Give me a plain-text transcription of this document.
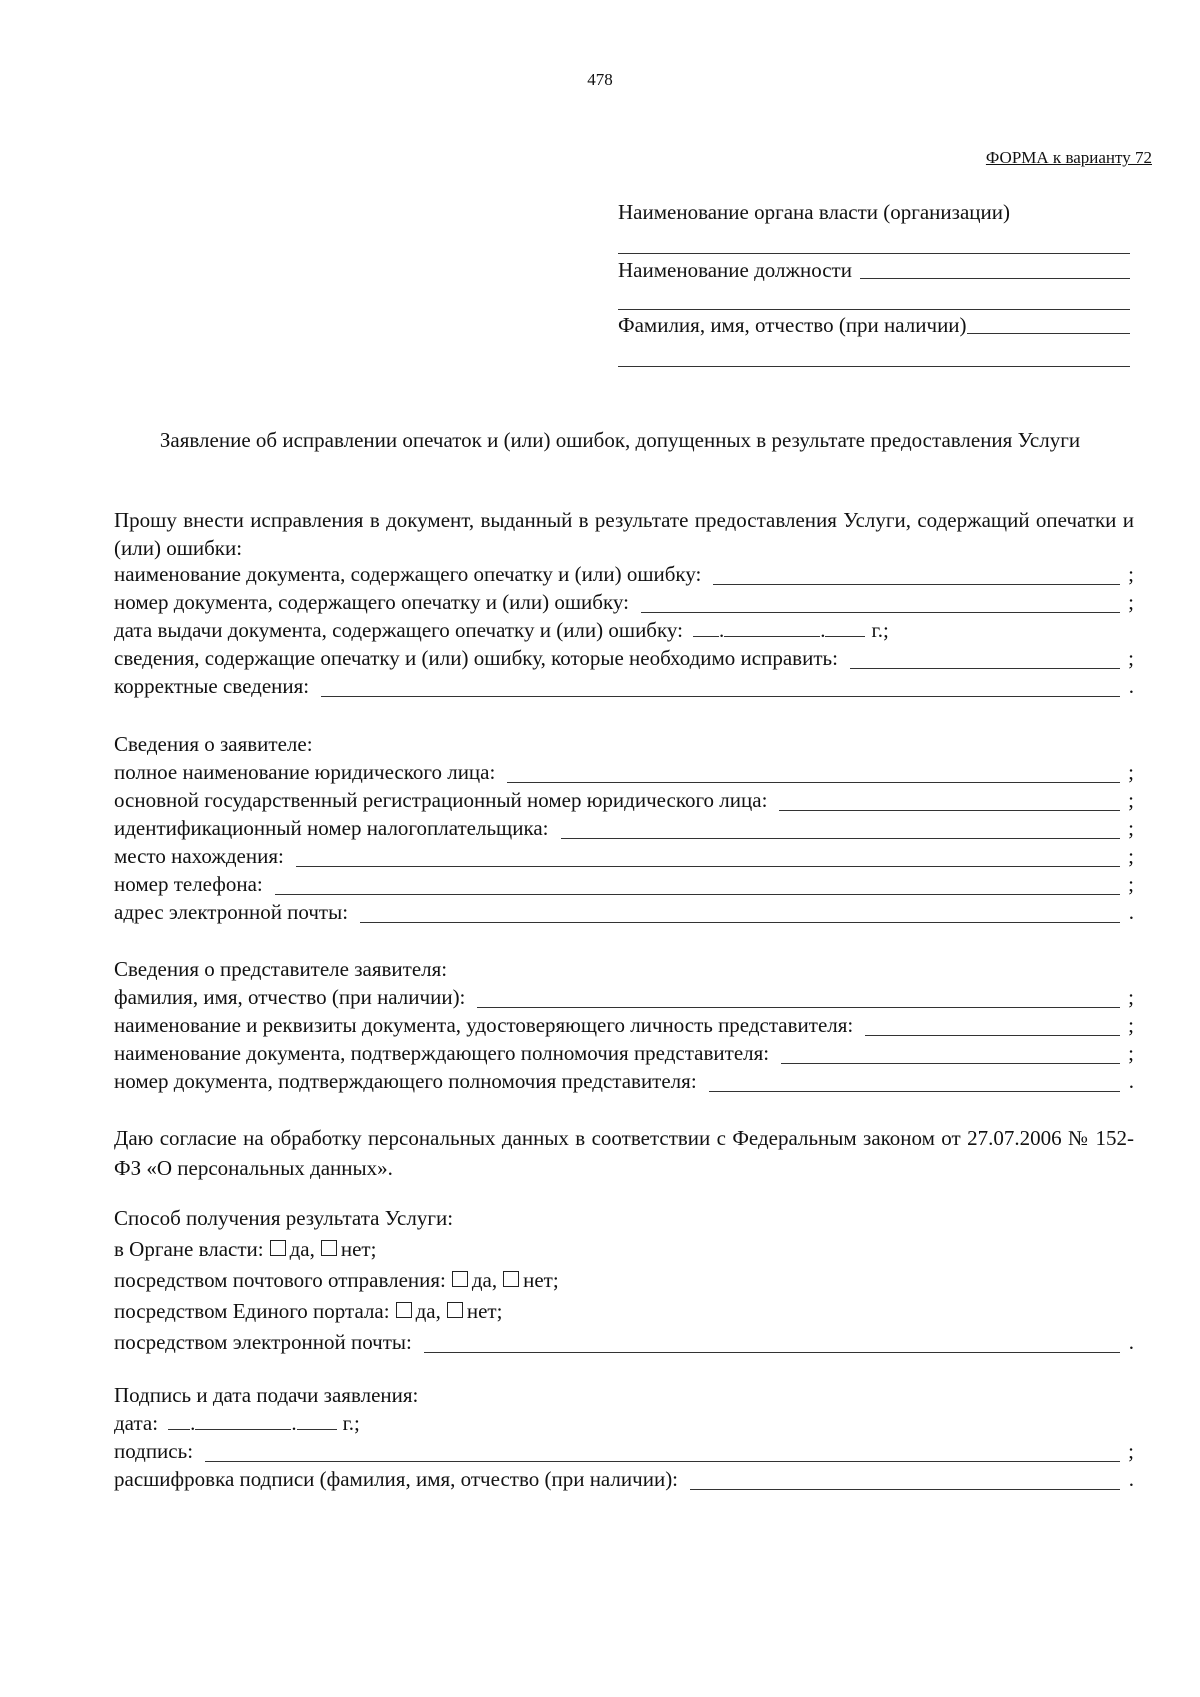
478
ФОРМА к варианту 72
Наименование органа власти (организации)
Наименование должности
Фамилия, имя, отчество (при наличии)
Заявление об исправлении опечаток и (или) ошибок, допущенных в результате предоставления Услуги
Прошу внести исправления в документ, выданный в результате предоставления Услуги, содержащий опечатки и (или) ошибки:
наименование документа, содержащего опечатку и (или) ошибку:	;
номер документа, содержащего опечатку и (или) ошибку:	;
дата выдачи документа, содержащего опечатку и (или) ошибку:	.	.	г.;
сведения, содержащие опечатку и (или) ошибку, которые необходимо исправить:	;
корректные сведения:	.
Сведения о заявителе:
полное наименование юридического лица:	;
основной государственный регистрационный номер юридического лица:	;
идентификационный номер налогоплательщика:	;
место нахождения:	;
номер телефона:	;
адрес электронной почты:	.
Сведения о представителе заявителя:
фамилия, имя, отчество (при наличии):	;
наименование и реквизиты документа, удостоверяющего личность представителя:	;
наименование документа, подтверждающего полномочия представителя:	;
номер документа, подтверждающего полномочия представителя:	.
Даю согласие на обработку персональных данных в соответствии с Федеральным законом от 27.07.2006 № 152-ФЗ «О персональных данных».
Способ получения результата Услуги:
в Органе власти: да, нет;
посредством почтового отправления: да, нет;
посредством Единого портала: да, нет;
посредством электронной почты:	.
Подпись и дата подачи заявления:
дата:	.	.	г.;
подпись:	;
расшифровка подписи (фамилия, имя, отчество (при наличии):	.
